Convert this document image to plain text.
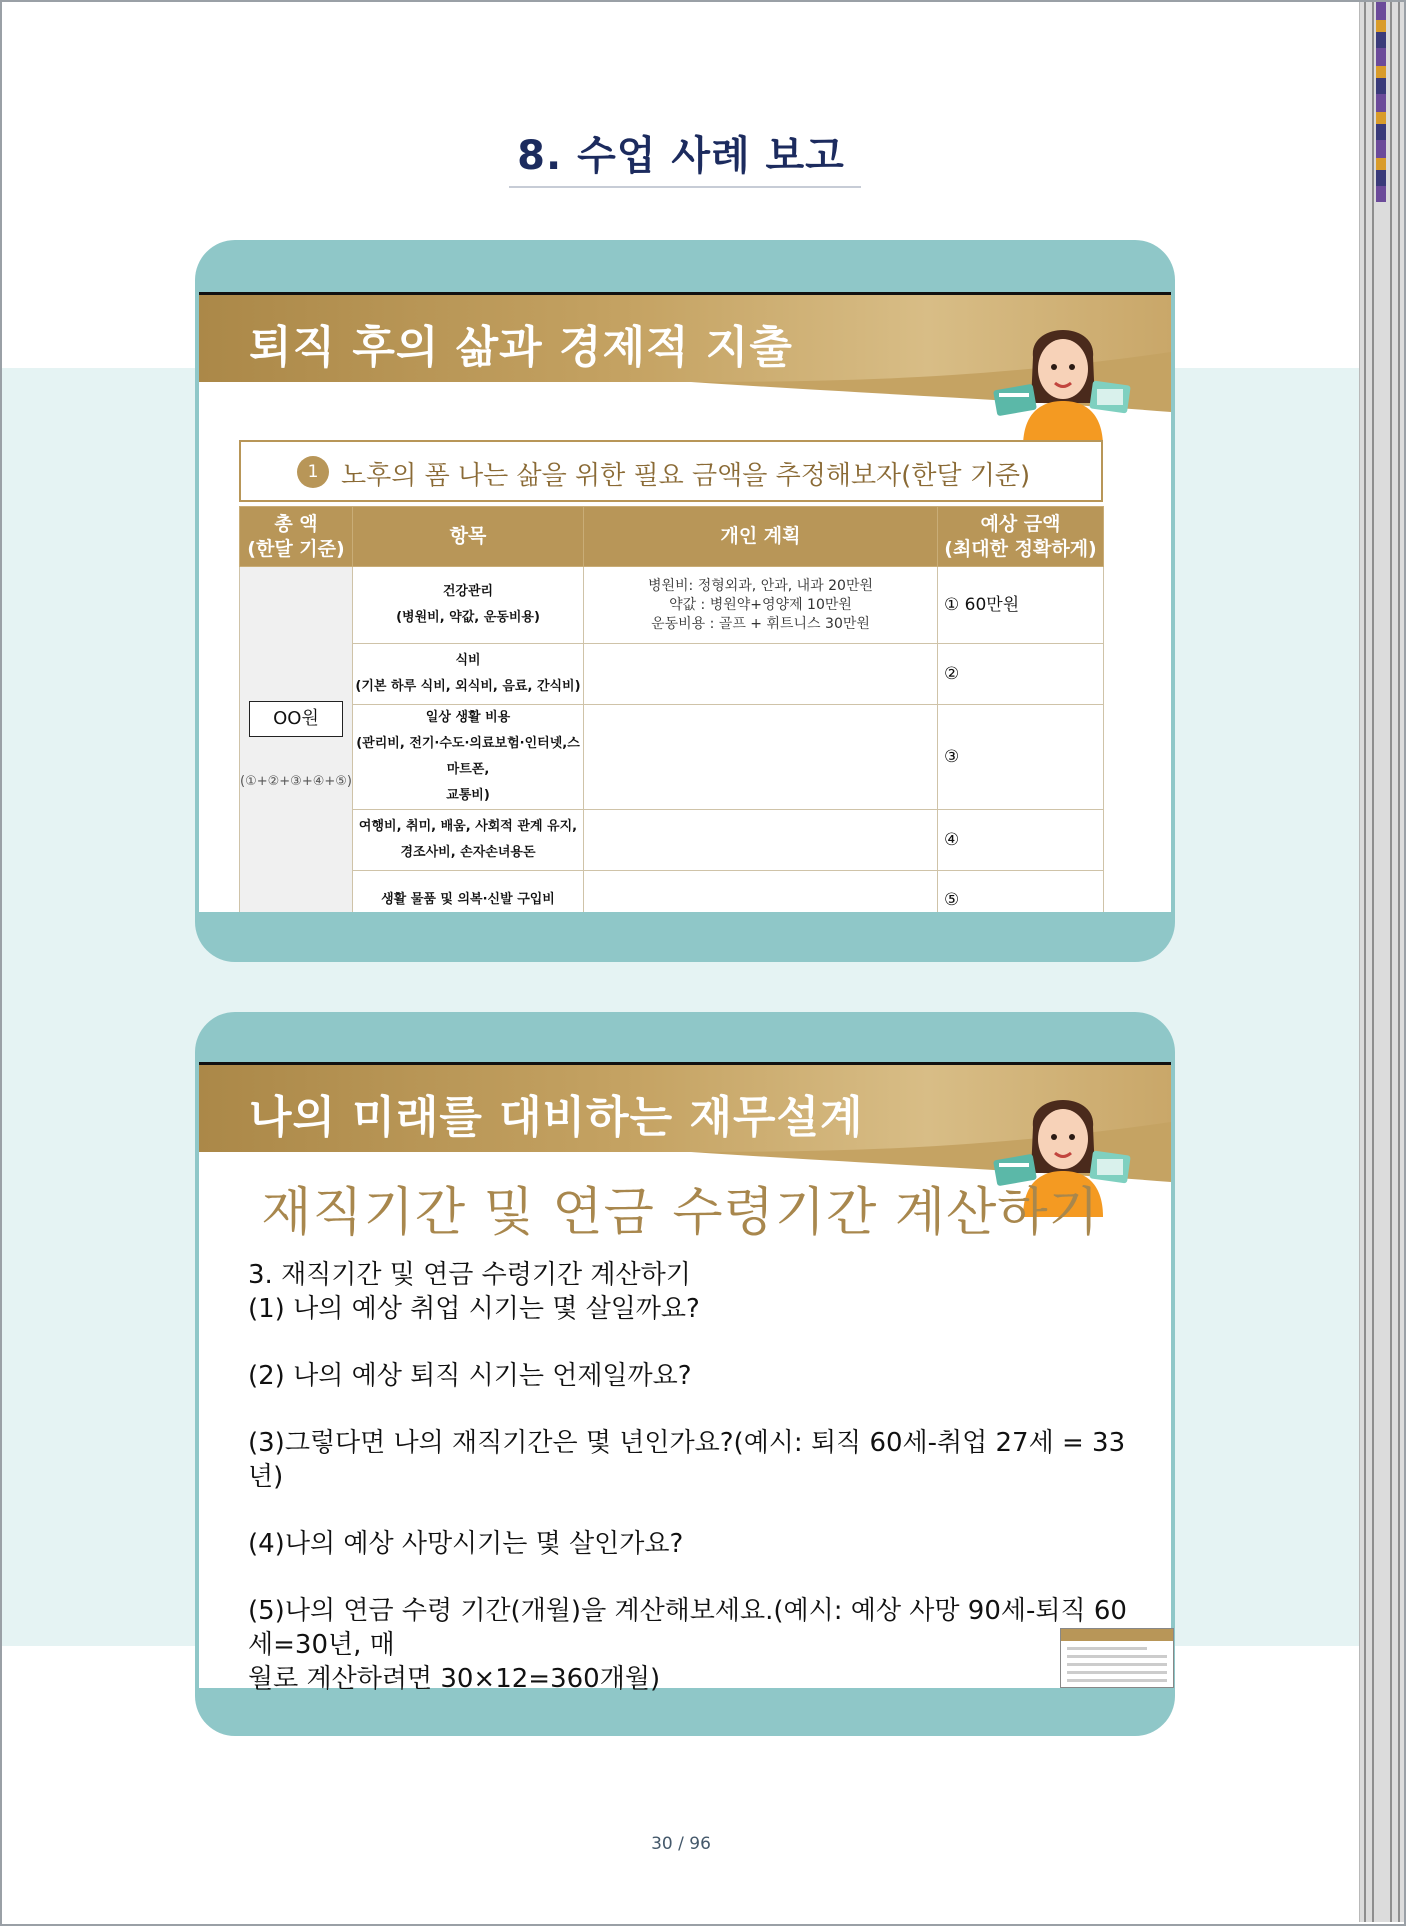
8. 수업 사례 보고
퇴직 후의 삶과 경제적 지출
1 노후의 폼 나는 삶을 위한 필요 금액을 추정해보자(한달 기준)
총 액
(한달 기준)	항목	개인 계획	예상 금액
(최대한 정확하게)
OO원
(①+②+③+④+⑤)	건강관리
(병원비, 약값, 운동비용)	병원비: 정형외과, 안과, 내과 20만원
약값 : 병원약+영양제 10만원
운동비용 : 골프 + 휘트니스 30만원	① 60만원
	식비
(기본 하루 식비, 외식비, 음료, 간식비)		②
	일상 생활 비용
(관리비, 전기·수도·의료보험·인터넷,스마트폰,
교통비)		③
	여행비, 취미, 배움, 사회적 관계 유지,
경조사비, 손자손녀용돈		④
	생활 물품 및 의복·신발 구입비		⑤
나의 미래를 대비하는 재무설계
재직기간 및 연금 수령기간 계산하기
3. 재직기간 및 연금 수령기간 계산하기
(1) 나의 예상 취업 시기는 몇 살일까요?
(2) 나의 예상 퇴직 시기는 언제일까요?
(3)그렇다면 나의 재직기간은 몇 년인가요?(예시: 퇴직 60세-취업 27세 = 33년)
(4)나의 예상 사망시기는 몇 살인가요?
(5)나의 연금 수령 기간(개월)을 계산해보세요.(예시: 예상 사망 90세-퇴직 60세=30년, 매
월로 계산하려면 30×12=360개월)
30 / 96
